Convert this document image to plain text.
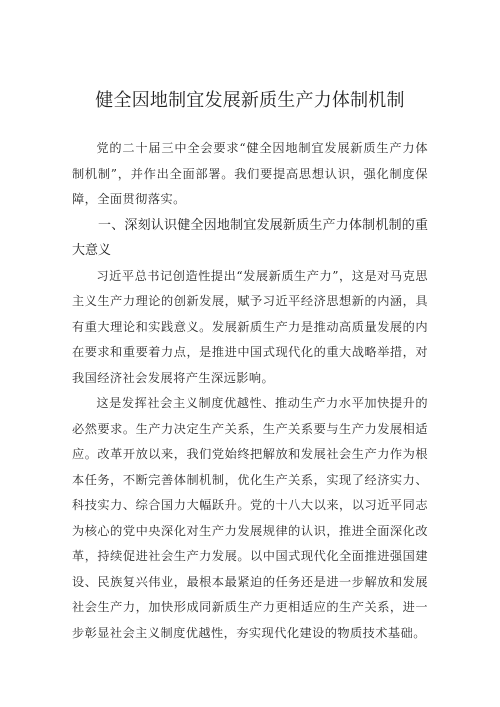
健全因地制宜发展新质生产力体制机制

党的二十届三中全会要求“健全因地制宜发展新质生产力体制机制”，并作出全面部署。我们要提高思想认识，强化制度保障，全面贯彻落实。

一、深刻认识健全因地制宜发展新质生产力体制机制的重大意义

习近平总书记创造性提出“发展新质生产力”，这是对马克思主义生产力理论的创新发展，赋予习近平经济思想新的内涵，具有重大理论和实践意义。发展新质生产力是推动高质量发展的内在要求和重要着力点，是推进中国式现代化的重大战略举措，对我国经济社会发展将产生深远影响。

这是发挥社会主义制度优越性、推动生产力水平加快提升的必然要求。生产力决定生产关系，生产关系要与生产力发展相适应。改革开放以来，我们党始终把解放和发展社会生产力作为根本任务，不断完善体制机制，优化生产关系，实现了经济实力、科技实力、综合国力大幅跃升。党的十八大以来，以习近平同志为核心的党中央深化对生产力发展规律的认识，推进全面深化改革，持续促进社会生产力发展。以中国式现代化全面推进强国建设、民族复兴伟业，最根本最紧迫的任务还是进一步解放和发展社会生产力，加快形成同新质生产力更相适应的生产关系，进一步彰显社会主义制度优越性，夯实现代化建设的物质技术基础。
